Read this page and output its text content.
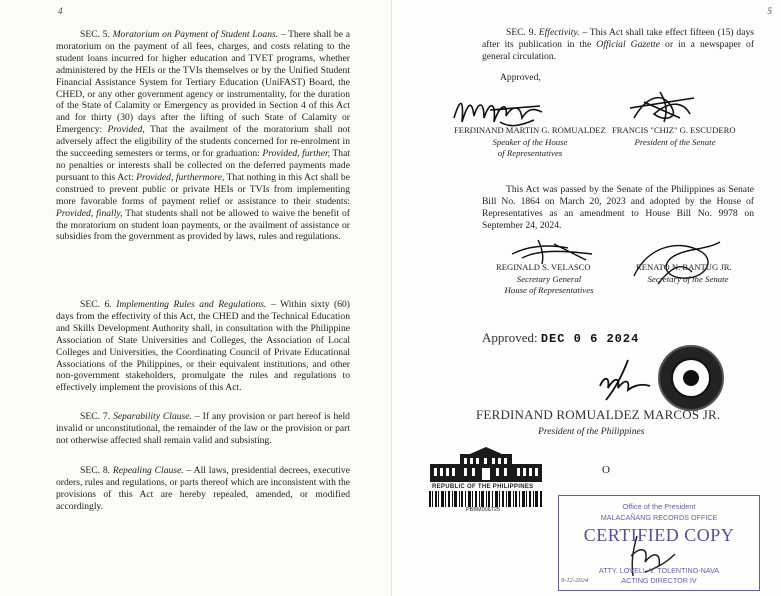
4

SEC. 5. Moratorium on Payment of Student Loans. – There shall be a moratorium on the payment of all fees, charges, and costs relating to the student loans incurred for higher education and TVET programs, whether administered by the HEIs or the TVIs themselves or by the Unified Student Financial Assistance System for Tertiary Education (UniFAST) Board, the CHED, or any other government agency or instrumentality, for the duration of the State of Calamity or Emergency as provided in Section 4 of this Act and for thirty (30) days after the lifting of such State of Calamity or Emergency: Provided, That the availment of the moratorium shall not adversely affect the eligibility of the students concerned for re-enrolment in the succeeding semesters or terms, or for graduation: Provided, further, That no penalties or interests shall be collected on the deferred payments made pursuant to this Act: Provided, furthermore, That nothing in this Act shall be construed to prevent public or private HEIs or TVIs from implementing more favorable forms of payment relief or assistance to their students: Provided, finally, That students shall not be allowed to waive the benefit of the moratorium on student loan payments, or the availment of assistance or subsidies from the government as provided by laws, rules and regulations.

SEC. 6. Implementing Rules and Regulations. – Within sixty (60) days from the effectivity of this Act, the CHED and the Technical Education and Skills Development Authority shall, in consultation with the Philippine Association of State Universities and Colleges, the Association of Local Colleges and Universities, the Coordinating Council of Private Educational Associations of the Philippines, or their equivalent institutions, and other non-government stakeholders, promulgate the rules and regulations to effectively implement the provisions of this Act.

SEC. 7. Separability Clause. – If any provision or part hereof is held invalid or unconstitutional, the remainder of the law or the provision or part not otherwise affected shall remain valid and subsisting.

SEC. 8. Repealing Clause. – All laws, presidential decrees, executive orders, rules and regulations, or parts thereof which are inconsistent with the provisions of this Act are hereby repealed, amended, or modified accordingly.

5

SEC. 9. Effectivity. – This Act shall take effect fifteen (15) days after its publication in the Official Gazette or in a newspaper of general circulation.

Approved,
FERDINAND MARTIN G. ROMUALDEZ
Speaker of the House
of Representatives
FRANCIS "CHIZ" G. ESCUDERO
President of the Senate

This Act was passed by the Senate of the Philippines as Senate Bill No. 1864 on March 20, 2023 and adopted by the House of Representatives as an amendment to House Bill No. 9978 on September 24, 2024.

REGINALD S. VELASCO
Secretary General
House of Representatives
RENATO N. BANTUG JR.
Secretary of the Senate
Approved: DEC 0 6 2024
FERDINAND ROMUALDEZ MARCOS JR.
President of the Philippines
O
REPUBLIC OF THE PHILIPPINES
PBBM006725	Office of the President
MALACAÑANG RECORDS OFFICE
CERTIFIED COPY
ATTY. LOVELL-V. TOLENTINO-NAVA
ACTING DIRECTOR IV
9-12-2024
